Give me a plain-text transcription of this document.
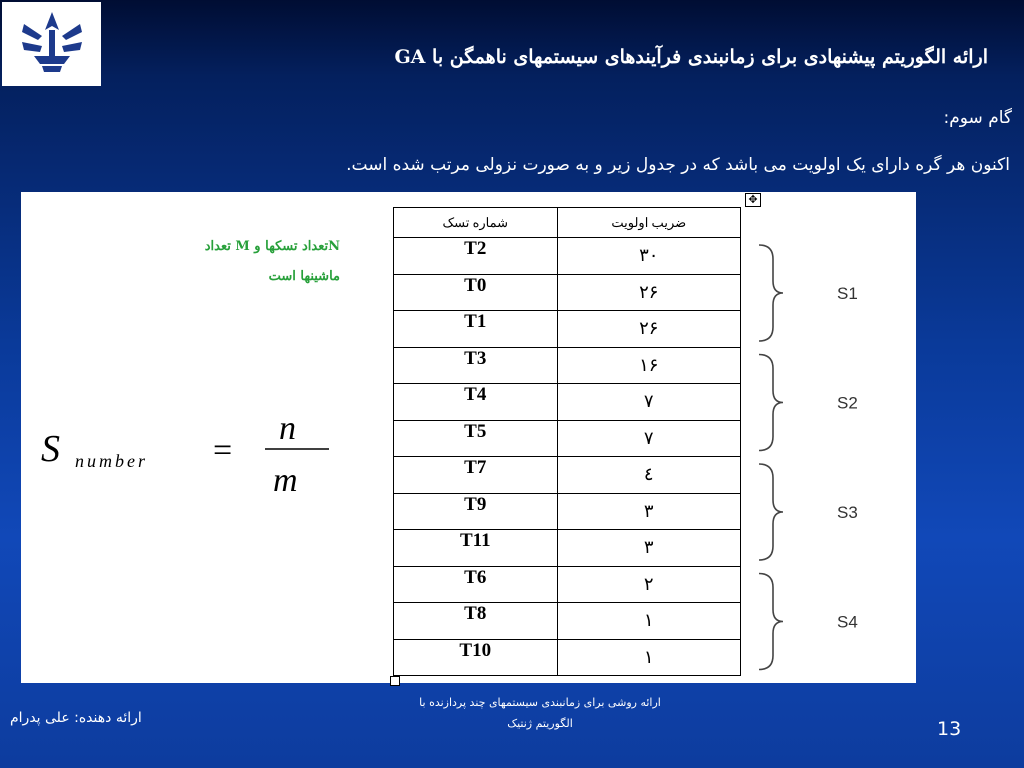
ارائه الگوریتم پیشنهادی برای زمانبندی فرآیندهای سیستمهای ناهمگن با GA
گام سوم:
اکنون هر گره دارای یک اولویت می باشد که در جدول زیر و به صورت نزولی مرتب شده است.
Nتعداد تسکها و M تعداد
ماشینها است
S number =
n
m
شماره تسک	ضریب اولویت
T2	۳۰
T0	۲۶
T1	۲۶
T3	۱۶
T4	۷
T5	۷
T7	٤
T9	۳
T11	۳
T6	۲
T8	۱
T10	۱
✥
S1
S2
S3
S4
ارائه دهنده: علی پدرام
ارائه روشی برای زمانبندی سیستمهای چند پردازنده با
الگوریتم ژنتیک	13
